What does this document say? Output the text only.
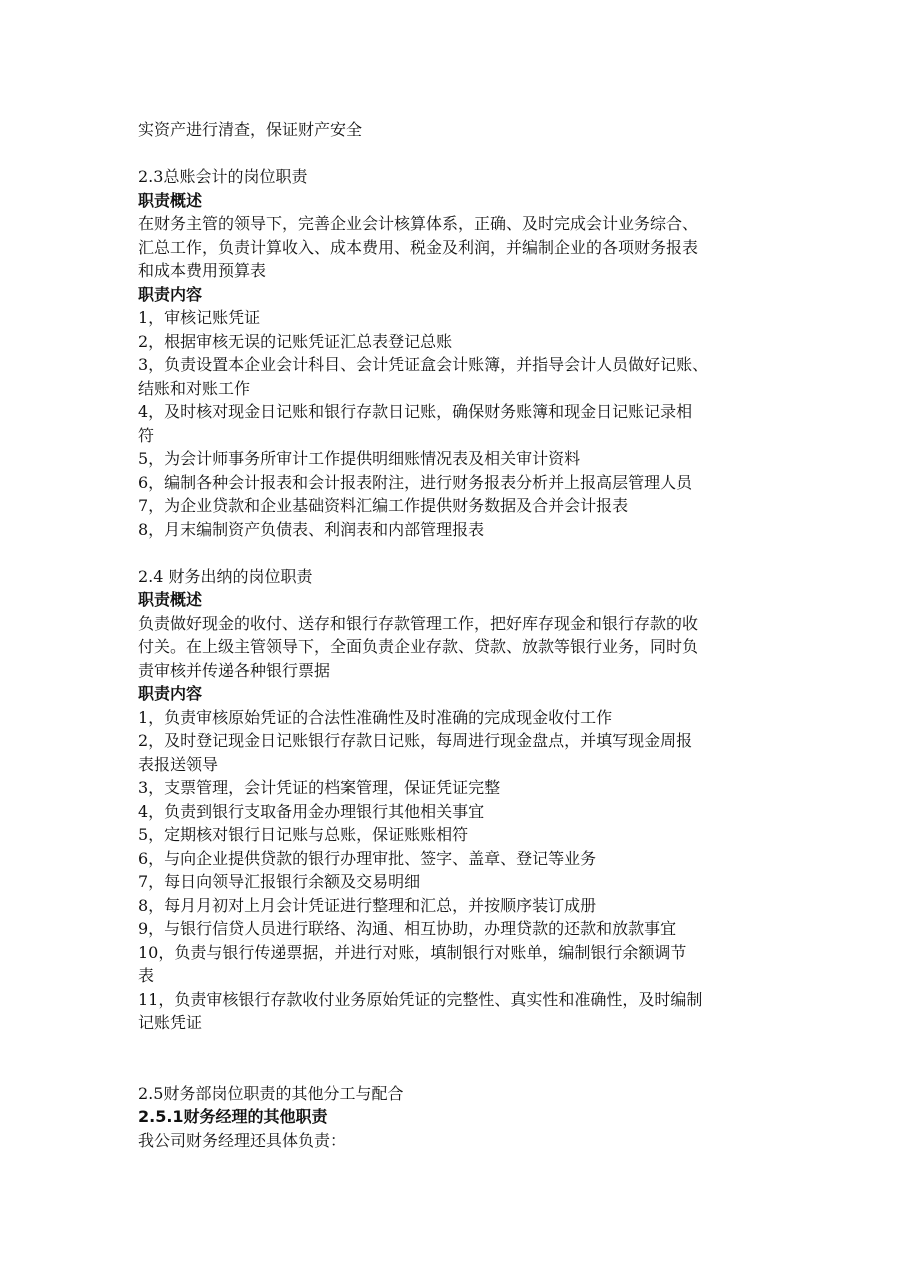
实资产进行清查，保证财产安全
2.3总账会计的岗位职责
职责概述
在财务主管的领导下，完善企业会计核算体系，正确、及时完成会计业务综合、
汇总工作，负责计算收入、成本费用、税金及利润，并编制企业的各项财务报表
和成本费用预算表
职责内容
1，审核记账凭证
2，根据审核无误的记账凭证汇总表登记总账
3，负责设置本企业会计科目、会计凭证盒会计账簿，并指导会计人员做好记账、
结账和对账工作
4，及时核对现金日记账和银行存款日记账，确保财务账簿和现金日记账记录相
符
5，为会计师事务所审计工作提供明细账情况表及相关审计资料
6，编制各种会计报表和会计报表附注，进行财务报表分析并上报高层管理人员
7，为企业贷款和企业基础资料汇编工作提供财务数据及合并会计报表
8，月末编制资产负债表、利润表和内部管理报表
2.4 财务出纳的岗位职责
职责概述
负责做好现金的收付、送存和银行存款管理工作，把好库存现金和银行存款的收
付关。在上级主管领导下，全面负责企业存款、贷款、放款等银行业务，同时负
责审核并传递各种银行票据
职责内容
1，负责审核原始凭证的合法性准确性及时准确的完成现金收付工作
2，及时登记现金日记账银行存款日记账，每周进行现金盘点，并填写现金周报
表报送领导
3，支票管理，会计凭证的档案管理，保证凭证完整
4，负责到银行支取备用金办理银行其他相关事宜
5，定期核对银行日记账与总账，保证账账相符
6，与向企业提供贷款的银行办理审批、签字、盖章、登记等业务
7，每日向领导汇报银行余额及交易明细
8，每月月初对上月会计凭证进行整理和汇总，并按顺序装订成册
9，与银行信贷人员进行联络、沟通、相互协助，办理贷款的还款和放款事宜
10，负责与银行传递票据，并进行对账，填制银行对账单，编制银行余额调节
表
11，负责审核银行存款收付业务原始凭证的完整性、真实性和准确性，及时编制
记账凭证
2.5财务部岗位职责的其他分工与配合
2.5.1财务经理的其他职责
我公司财务经理还具体负责：
